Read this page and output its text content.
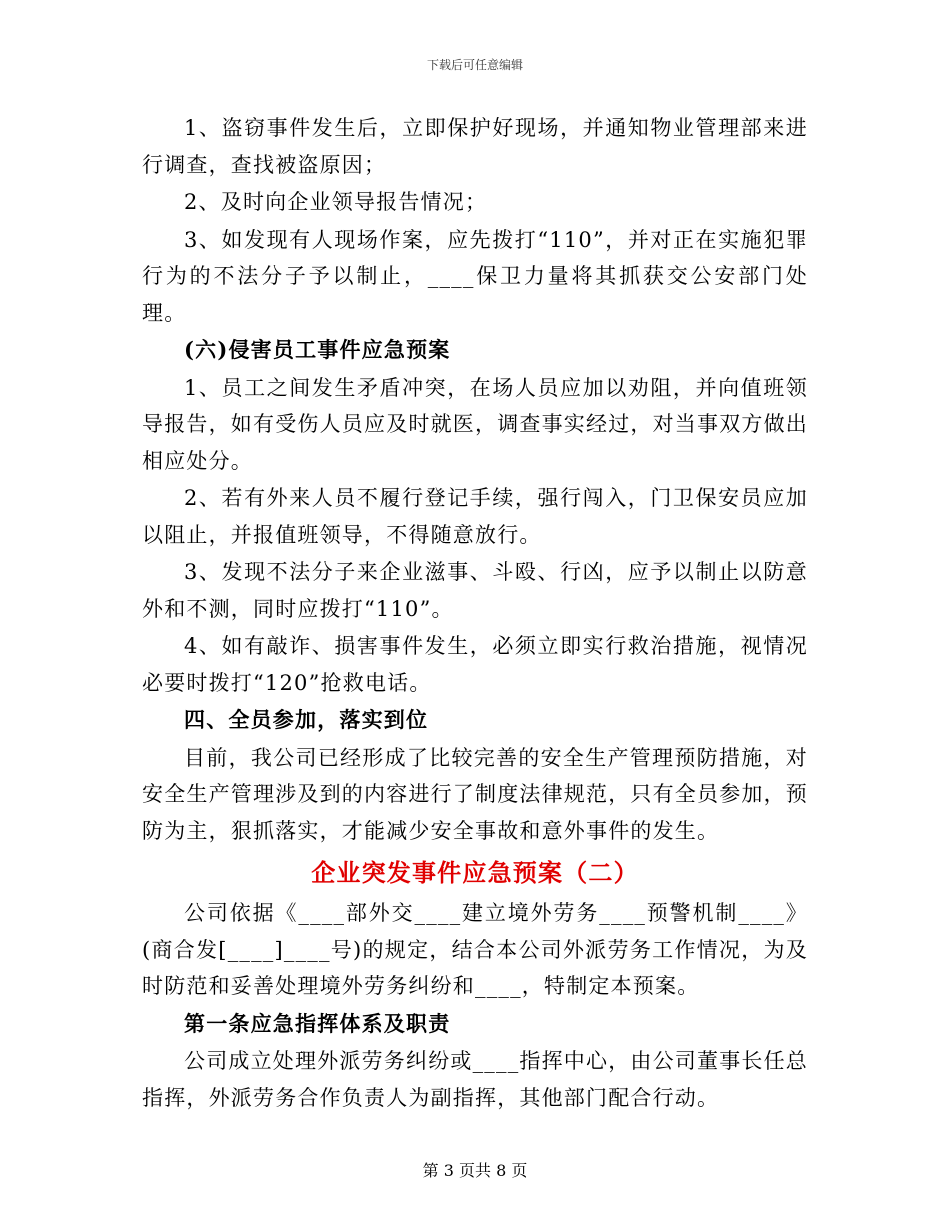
下载后可任意编辑

1、盗窃事件发生后，立即保护好现场，并通知物业管理部来进行调查，查找被盗原因；

2、及时向企业领导报告情况；

3、如发现有人现场作案，应先拨打“110”，并对正在实施犯罪行为的不法分子予以制止，____保卫力量将其抓获交公安部门处理。

(六)侵害员工事件应急预案

1、员工之间发生矛盾冲突，在场人员应加以劝阻，并向值班领导报告，如有受伤人员应及时就医，调查事实经过，对当事双方做出相应处分。

2、若有外来人员不履行登记手续，强行闯入，门卫保安员应加以阻止，并报值班领导，不得随意放行。

3、发现不法分子来企业滋事、斗殴、行凶，应予以制止以防意外和不测，同时应拨打“110”。

4、如有敲诈、损害事件发生，必须立即实行救治措施，视情况必要时拨打“120”抢救电话。

四、全员参加，落实到位

目前，我公司已经形成了比较完善的安全生产管理预防措施，对安全生产管理涉及到的内容进行了制度法律规范，只有全员参加，预防为主，狠抓落实，才能减少安全事故和意外事件的发生。

企业突发事件应急预案（二）

公司依据《____部外交____建立境外劳务____预警机制____》(商合发[____]____号)的规定，结合本公司外派劳务工作情况，为及时防范和妥善处理境外劳务纠纷和____，特制定本预案。

第一条应急指挥体系及职责

公司成立处理外派劳务纠纷或____指挥中心，由公司董事长任总指挥，外派劳务合作负责人为副指挥，其他部门配合行动。

第 3 页共 8 页
